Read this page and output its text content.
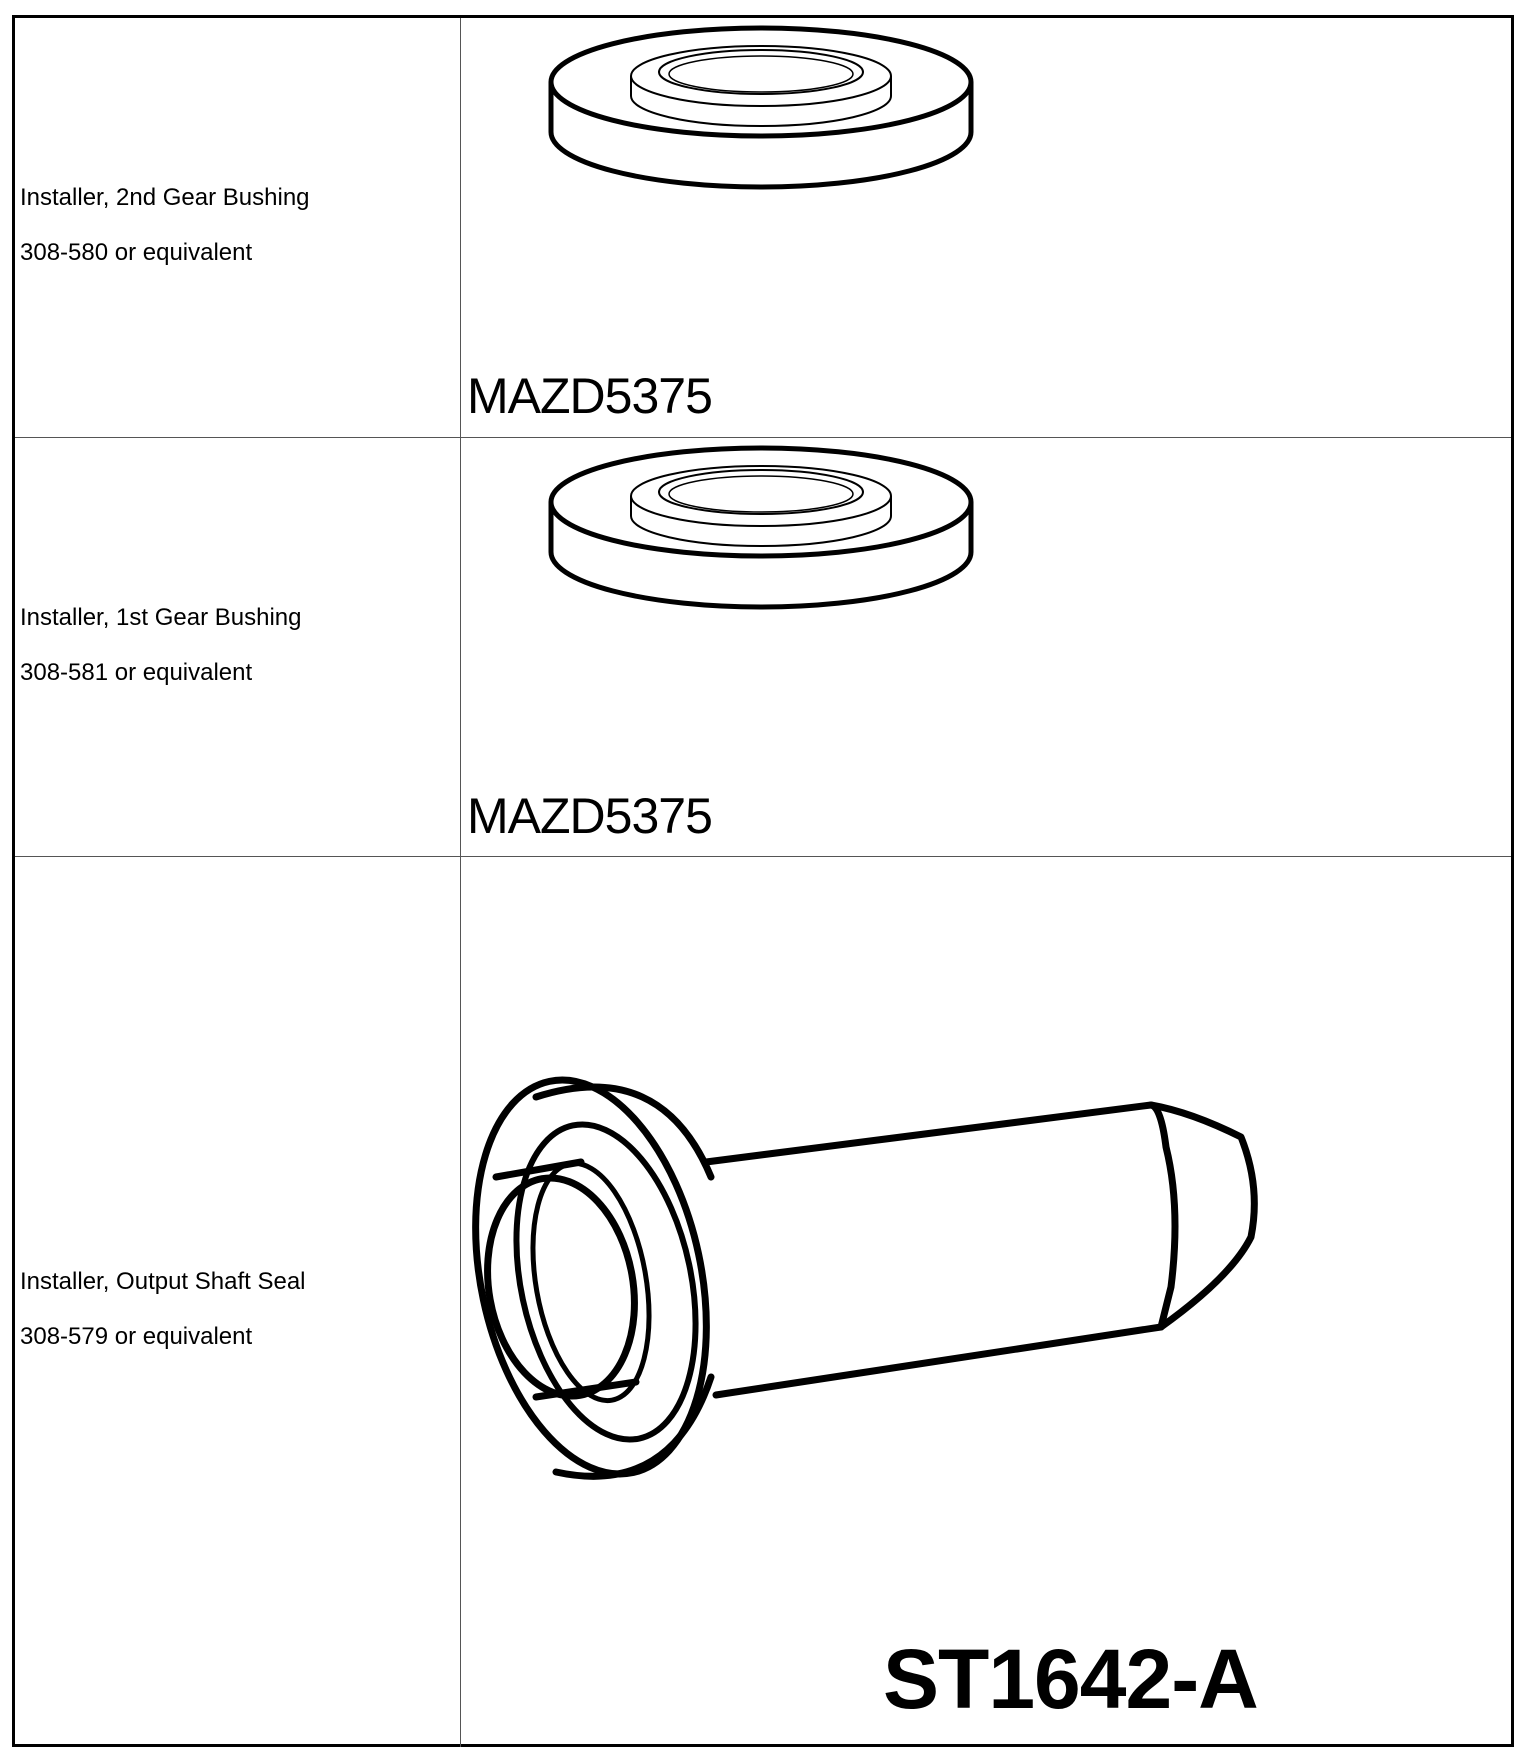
Installer, 2nd Gear Bushing
308-580 or equivalent
MAZD5375
Installer, 1st Gear Bushing
308-581 or equivalent
MAZD5375
Installer, Output Shaft Seal
308-579 or equivalent
ST1642-A
